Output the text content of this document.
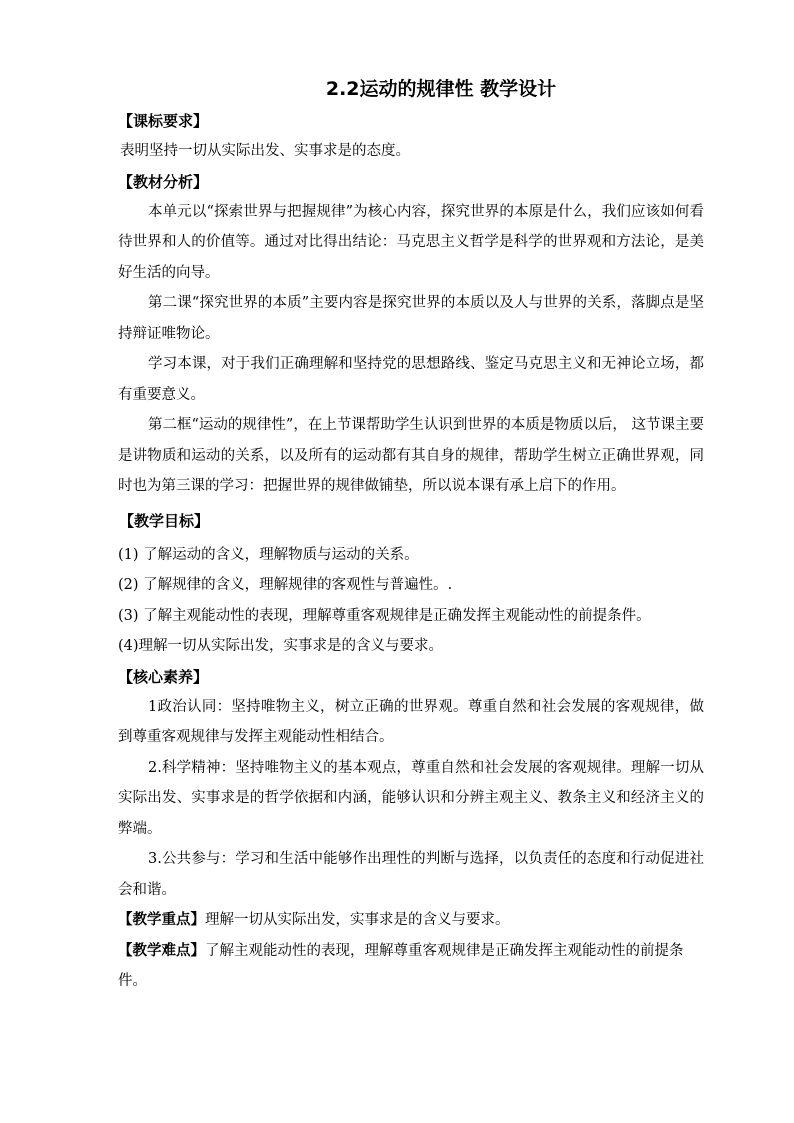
2.2运动的规律性 教学设计

【课标要求】

表明坚持一切从实际出发、实事求是的态度。

【教材分析】

本单元以“探索世界与把握规律”为核心内容，探究世界的本原是什么，我们应该如何看待世界和人的价值等。通过对比得出结论：马克思主义哲学是科学的世界观和方法论，是美好生活的向导。

第二课“探究世界的本质”主要内容是探究世界的本质以及人与世界的关系，落脚点是坚持辩证唯物论。

学习本课，对于我们正确理解和坚持党的思想路线、鉴定马克思主义和无神论立场，都有重要意义。

第二框“运动的规律性”，在上节课帮助学生认识到世界的本质是物质以后， 这节课主要是讲物质和运动的关系，以及所有的运动都有其自身的规律，帮助学生树立正确世界观，同时也为第三课的学习：把握世界的规律做铺垫，所以说本课有承上启下的作用。

【教学目标】

(1) 了解运动的含义，理解物质与运动的关系。

(2) 了解规律的含义，理解规律的客观性与普遍性。.

(3) 了解主观能动性的表现，理解尊重客观规律是正确发挥主观能动性的前提条件。

(4)理解一切从实际出发，实事求是的含义与要求。

【核心素养】

1政治认同：坚持唯物主义，树立正确的世界观。尊重自然和社会发展的客观规律，做到尊重客观规律与发挥主观能动性相结合。

2.科学精神：坚持唯物主义的基本观点，尊重自然和社会发展的客观规律。理解一切从实际出发、实事求是的哲学依据和内涵，能够认识和分辨主观主义、教条主义和经济主义的弊端。

3.公共参与：学习和生活中能够作出理性的判断与选择，以负责任的态度和行动促进社会和谐。

【教学重点】理解一切从实际出发，实事求是的含义与要求。

【教学难点】了解主观能动性的表现，理解尊重客观规律是正确发挥主观能动性的前提条件。
